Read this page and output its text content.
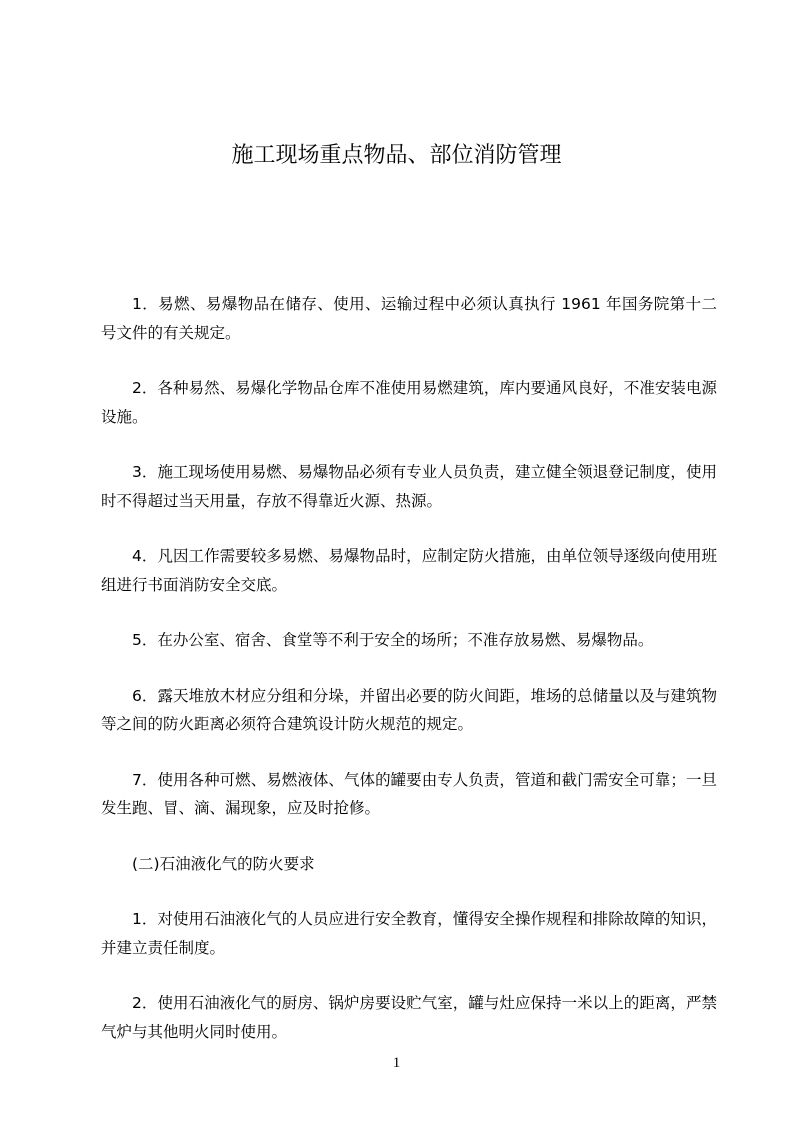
施工现场重点物品、部位消防管理

1．易燃、易爆物品在储存、使用、运输过程中必须认真执行 1961 年国务院第十二号文件的有关规定。

2．各种易然、易爆化学物品仓库不准使用易燃建筑，库内要通风良好，不准安装电源设施。

3．施工现场使用易燃、易爆物品必须有专业人员负责，建立健全领退登记制度，使用时不得超过当天用量，存放不得靠近火源、热源。

4．凡因工作需要较多易燃、易爆物品时，应制定防火措施，由单位领导逐级向使用班组进行书面消防安全交底。

5．在办公室、宿舍、食堂等不利于安全的场所；不准存放易燃、易爆物品。

6．露天堆放木材应分组和分垛，并留出必要的防火间距，堆场的总储量以及与建筑物等之间的防火距离必须符合建筑设计防火规范的规定。

7．使用各种可燃、易燃液体、气体的罐要由专人负责，管道和截门需安全可靠；一旦发生跑、冒、滴、漏现象，应及时抢修。

(二)石油液化气的防火要求

1．对使用石油液化气的人员应进行安全教育，懂得安全操作规程和排除故障的知识，并建立责任制度。

2．使用石油液化气的厨房、锅炉房要设贮气室，罐与灶应保持一米以上的距离，严禁气炉与其他明火同时使用。

1
